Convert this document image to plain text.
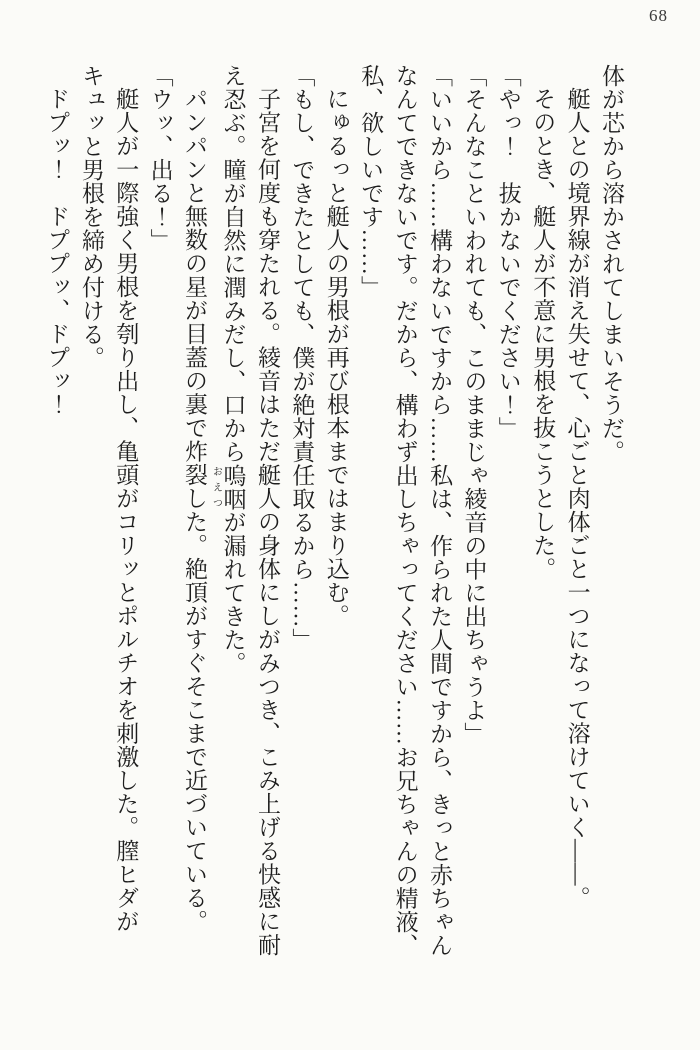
68

体が芯から溶かされてしまいそうだ。

艇人との境界線が消え失せて、心ごと肉体ごと一つになって溶けていく――。

そのとき、艇人が不意に男根を抜こうとした。

「やっ！　抜かないでください！」

「そんなこといわれても、このままじゃ綾音の中に出ちゃうよ」

「いいから……構わないですから……私は、作られた人間ですから、きっと赤ちゃんなんてできないです。だから、構わず出しちゃってください……お兄ちゃんの精液、私、欲しいです……」

にゅるっと艇人の男根が再び根本まではまり込む。

「もし、できたとしても、僕が絶対責任取るから……」

子宮を何度も穿たれる。綾音はただ艇人の身体にしがみつき、こみ上げる快感に耐え忍ぶ。瞳が自然に潤みだし、口から嗚咽おえつが漏れてきた。

パンパンと無数の星が目蓋の裏で炸裂した。絶頂がすぐそこまで近づいている。

「ウッ、出る！」

艇人が一際強く男根を刳り出し、亀頭がコリッとポルチオを刺激した。膣ヒダがキュッと男根を締め付ける。

ドプッ！　ドププッ、ドプッ！
